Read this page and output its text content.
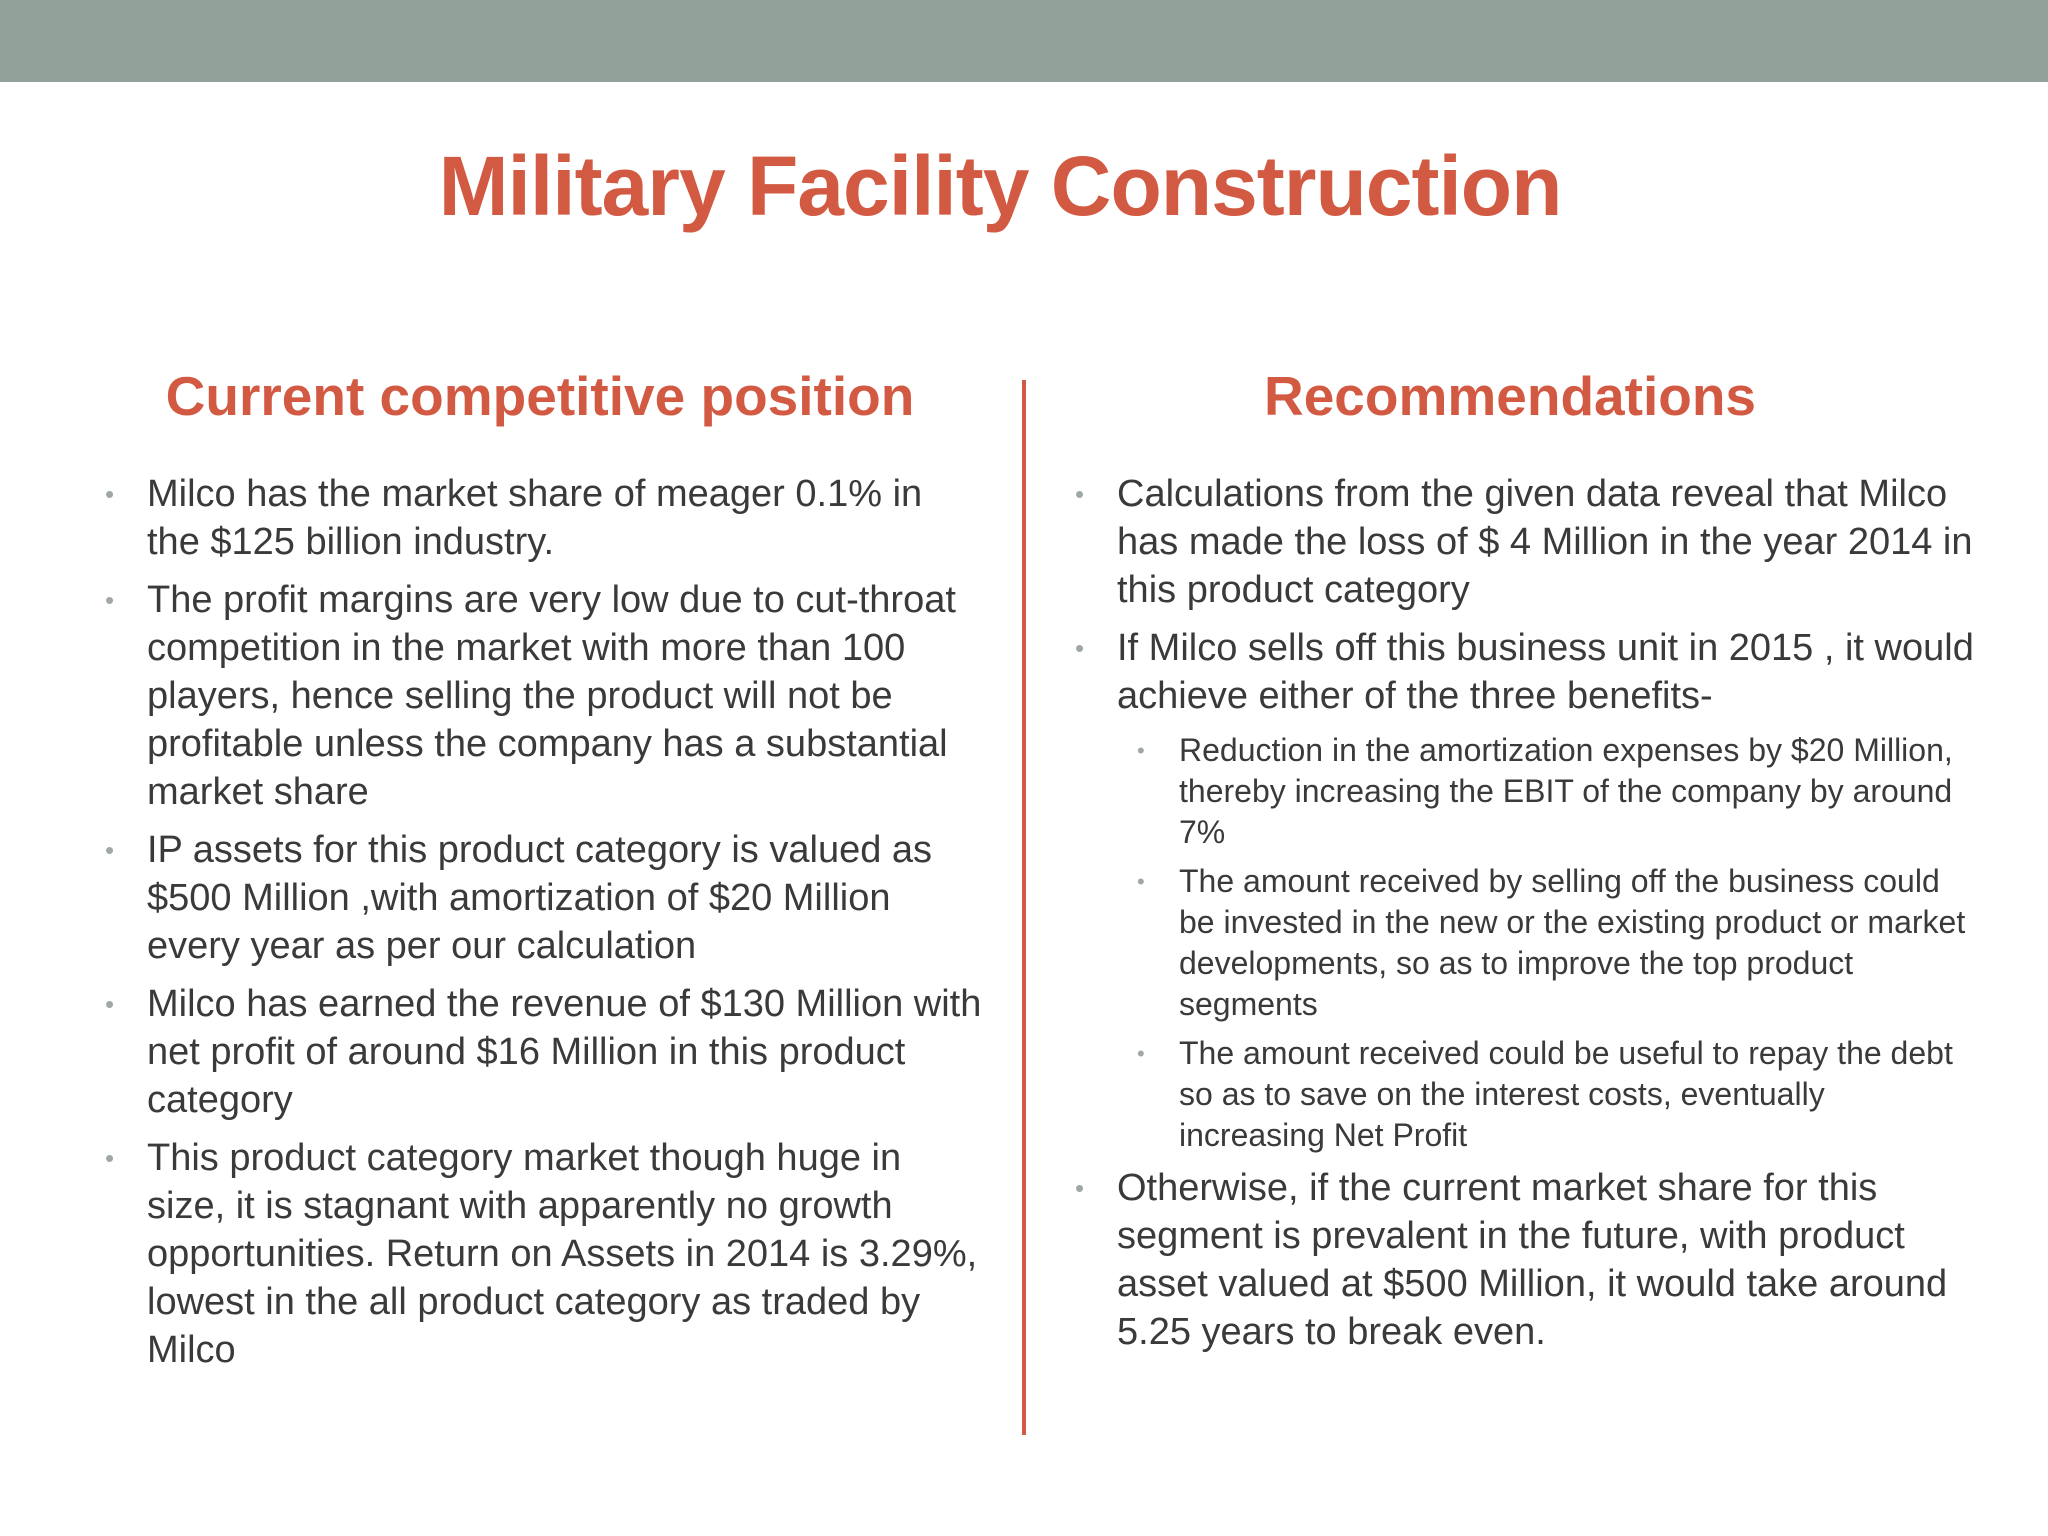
Military Facility Construction
Current competitive position	Recommendations
• Milco has the market share of meager 0.1% in the $125 billion industry.
• The profit margins are very low due to cut-throat competition in the market with more than 100 players, hence selling the product will not be profitable unless the company has a substantial market share
• IP assets for this product category is valued as $500 Million ,with amortization of $20 Million every year as per our calculation
• Milco has earned the revenue of $130 Million with net profit of around $16 Million in this product category
• This product category market though huge in size, it is stagnant with apparently no growth opportunities. Return on Assets in 2014 is 3.29%, lowest in the all product category as traded by Milco
• Calculations from the given data reveal that Milco has made the loss of $ 4 Million in the year 2014 in this product category
• If Milco sells off this business unit in 2015 , it would achieve either of the three benefits-
• Reduction in the amortization expenses by $20 Million, thereby increasing the EBIT of the company by around 7%
• The amount received by selling off the business could be invested in the new or the existing product or market developments, so as to improve the top product segments
• The amount received could be useful to repay the debt so as to save on the interest costs, eventually increasing Net Profit
• Otherwise, if the current market share for this segment is prevalent in the future, with product asset valued at $500 Million, it would take around 5.25 years to break even.
